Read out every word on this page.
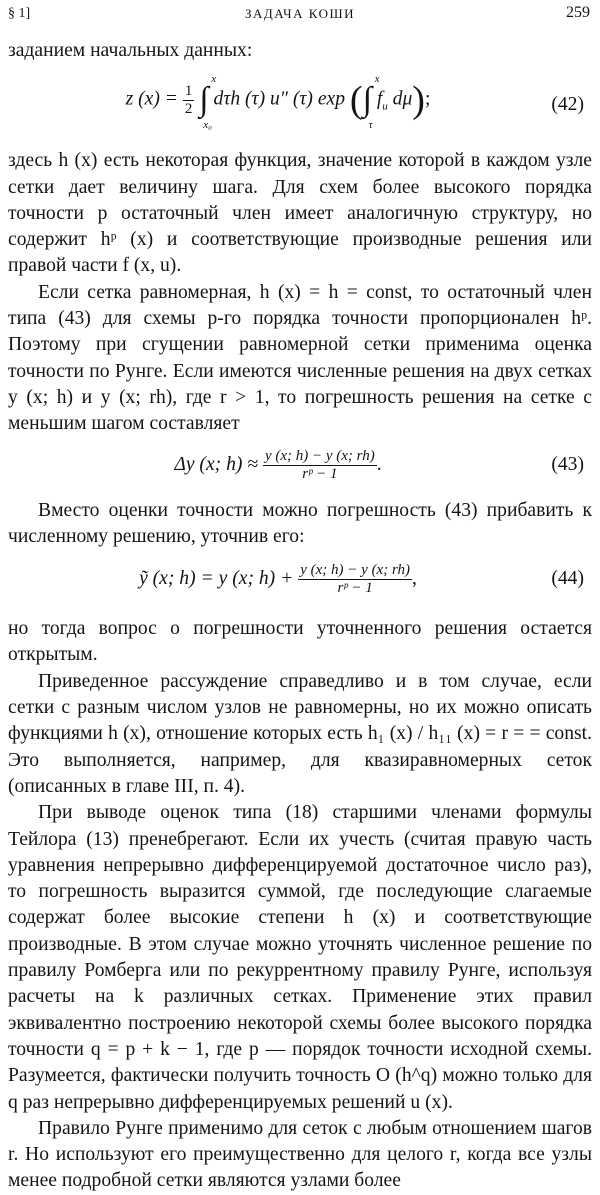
§ 1]	ЗАДАЧА КОШИ	259

заданием начальных данных:

z $(x) = \frac{1}{2}$ ∫
x₀
x
dτh (τ) u″ (τ) exp (∫
τ
x
$f_u$ dμ);	(42)

здесь h (x) есть некоторая функция, значение которой в каждом узле сетки дает величину шага. Для схем более высокого порядка точности p остаточный член имеет аналогичную структуру, но содержит hᵖ (x) и соответствующие производные решения или правой части f (x, u).

Если сетка равномерная, h (x) = h = const, то остаточный член типа (43) для схемы p-го порядка точности пропорционален hᵖ. Поэтому при сгущении равномерной сетки применима оценка точности по Рунге. Если имеются численные решения на двух сетках y (x; h) и y (x; rh), где r > 1, то погрешность решения на сетке с меньшим шагом составляет

Δy (x; $h) \approx \frac{y (x; h) - y (x; rh)}{\text{rᵖ − 1}}$ .	(43)

Вместо оценки точности можно погрешность (43) прибавить к численному решению, уточнив его:

ỹ (x; h) = y (x; $h) + \frac{y (x; h) - y (x; rh)}{\text{rᵖ − 1}}$ ,	(44)

но тогда вопрос о погрешности уточненного решения остается открытым.

Приведенное рассуждение справедливо и в том случае, если сетки с разным числом узлов не равномерны, но их можно описать функциями h (x), отношение которых есть h₁ (x) / h₁₁ (x) = r = = const. Это выполняется, например, для квазиравномерных сеток (описанных в главе III, п. 4).

При выводе оценок типа (18) старшими членами формулы Тейлора (13) пренебрегают. Если их учесть (считая правую часть уравнения непрерывно дифференцируемой достаточное число раз), то погрешность выразится суммой, где последующие слагаемые содержат более высокие степени h (x) и соответствующие производные. В этом случае можно уточнять численное решение по правилу Ромберга или по рекуррентному правилу Рунге, используя расчеты на k различных сетках. Применение этих правил эквивалентно построению некоторой схемы более высокого порядка точности q = p + k − 1, где p — порядок точности исходной схемы. Разумеется, фактически получить точность O (h^q) можно только для q раз непрерывно дифференцируемых решений u (x).

Правило Рунге применимо для сеток с любым отношением шагов r. Но используют его преимущественно для целого r, когда все узлы менее подробной сетки являются узлами более
